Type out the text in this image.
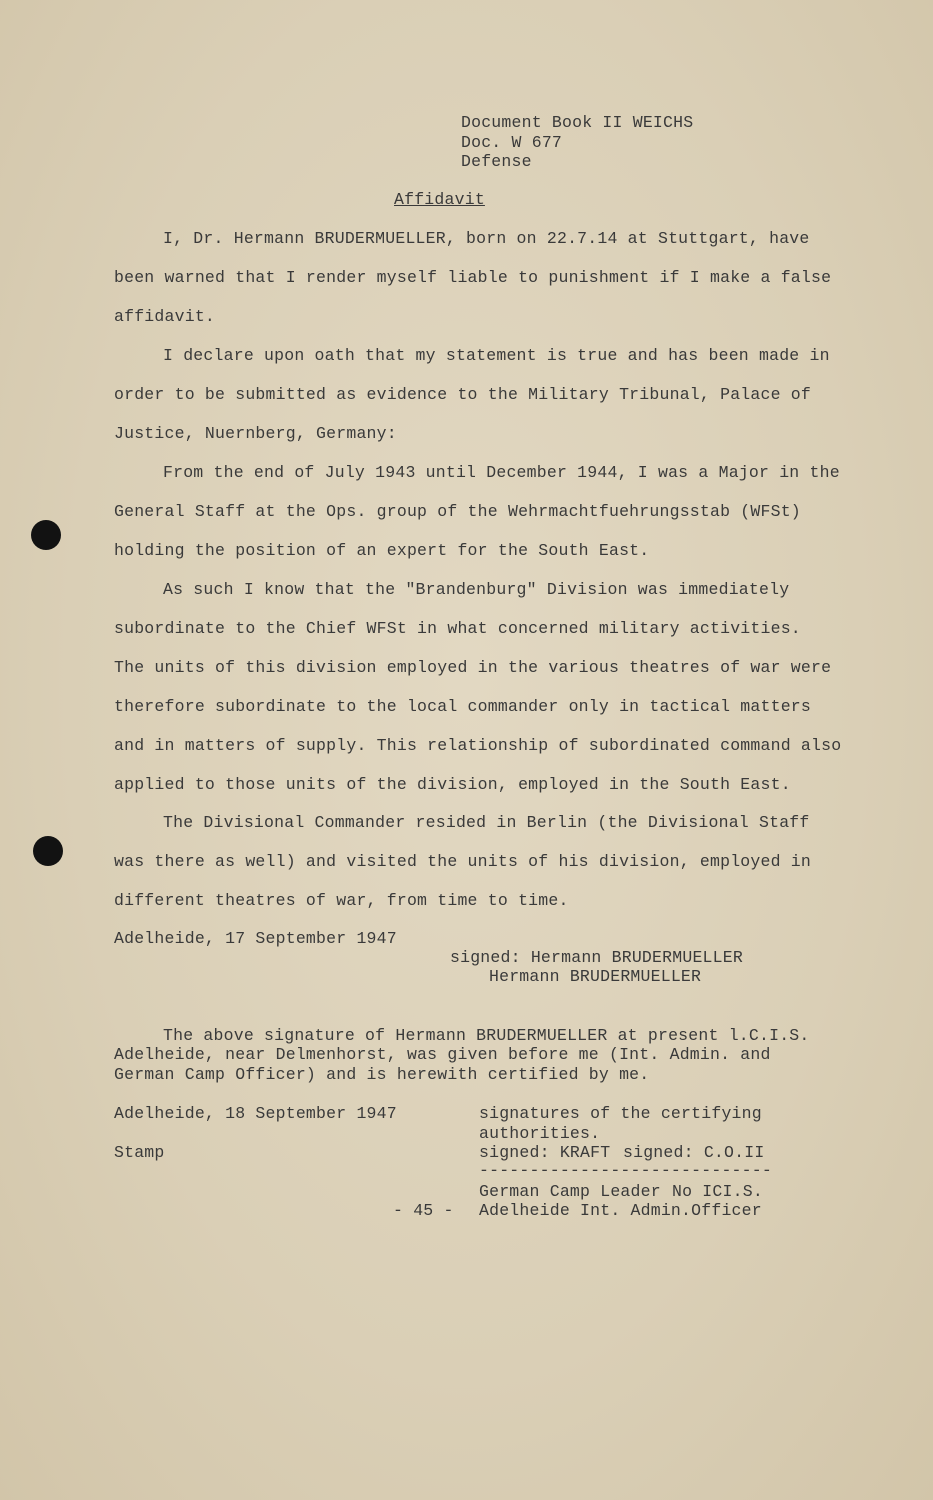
Document Book II WEICHS
Doc. W 677
Defense
Affidavit
I, Dr. Hermann BRUDERMUELLER, born on 22.7.14 at Stuttgart, have
been warned that I render myself liable to punishment if I make a false
affidavit.
I declare upon oath that my statement is true and has been made in
order to be submitted as evidence to the Military Tribunal, Palace of
Justice, Nuernberg, Germany:
From the end of July 1943 until December 1944, I was a Major in the
General Staff at the Ops. group of the Wehrmachtfuehrungsstab (WFSt)
holding the position of an expert for the South East.
As such I know that the "Brandenburg" Division was immediately
subordinate to the Chief WFSt in what concerned military activities.
The units of this division employed in the various theatres of war were
therefore subordinate to the local commander only in tactical matters
and in matters of supply. This relationship of subordinated command also
applied to those units of the division, employed in the South East.
The Divisional Commander resided in Berlin (the Divisional Staff
was there as well) and visited the units of his division, employed in
different theatres of war, from time to time.
Adelheide, 17 September 1947
signed: Hermann BRUDERMUELLER
Hermann BRUDERMUELLER
The above signature of Hermann BRUDERMUELLER at present l.C.I.S.
Adelheide, near Delmenhorst, was given before me (Int. Admin. and
German Camp Officer) and is herewith certified by me.
Adelheide, 18 September 1947	signatures of the certifying
authorities.
Stamp	signed: KRAFT signed: C.O.II
-----------------------------
German Camp Leader No ICI.S.
- 45 - Adelheide Int. Admin.Officer
